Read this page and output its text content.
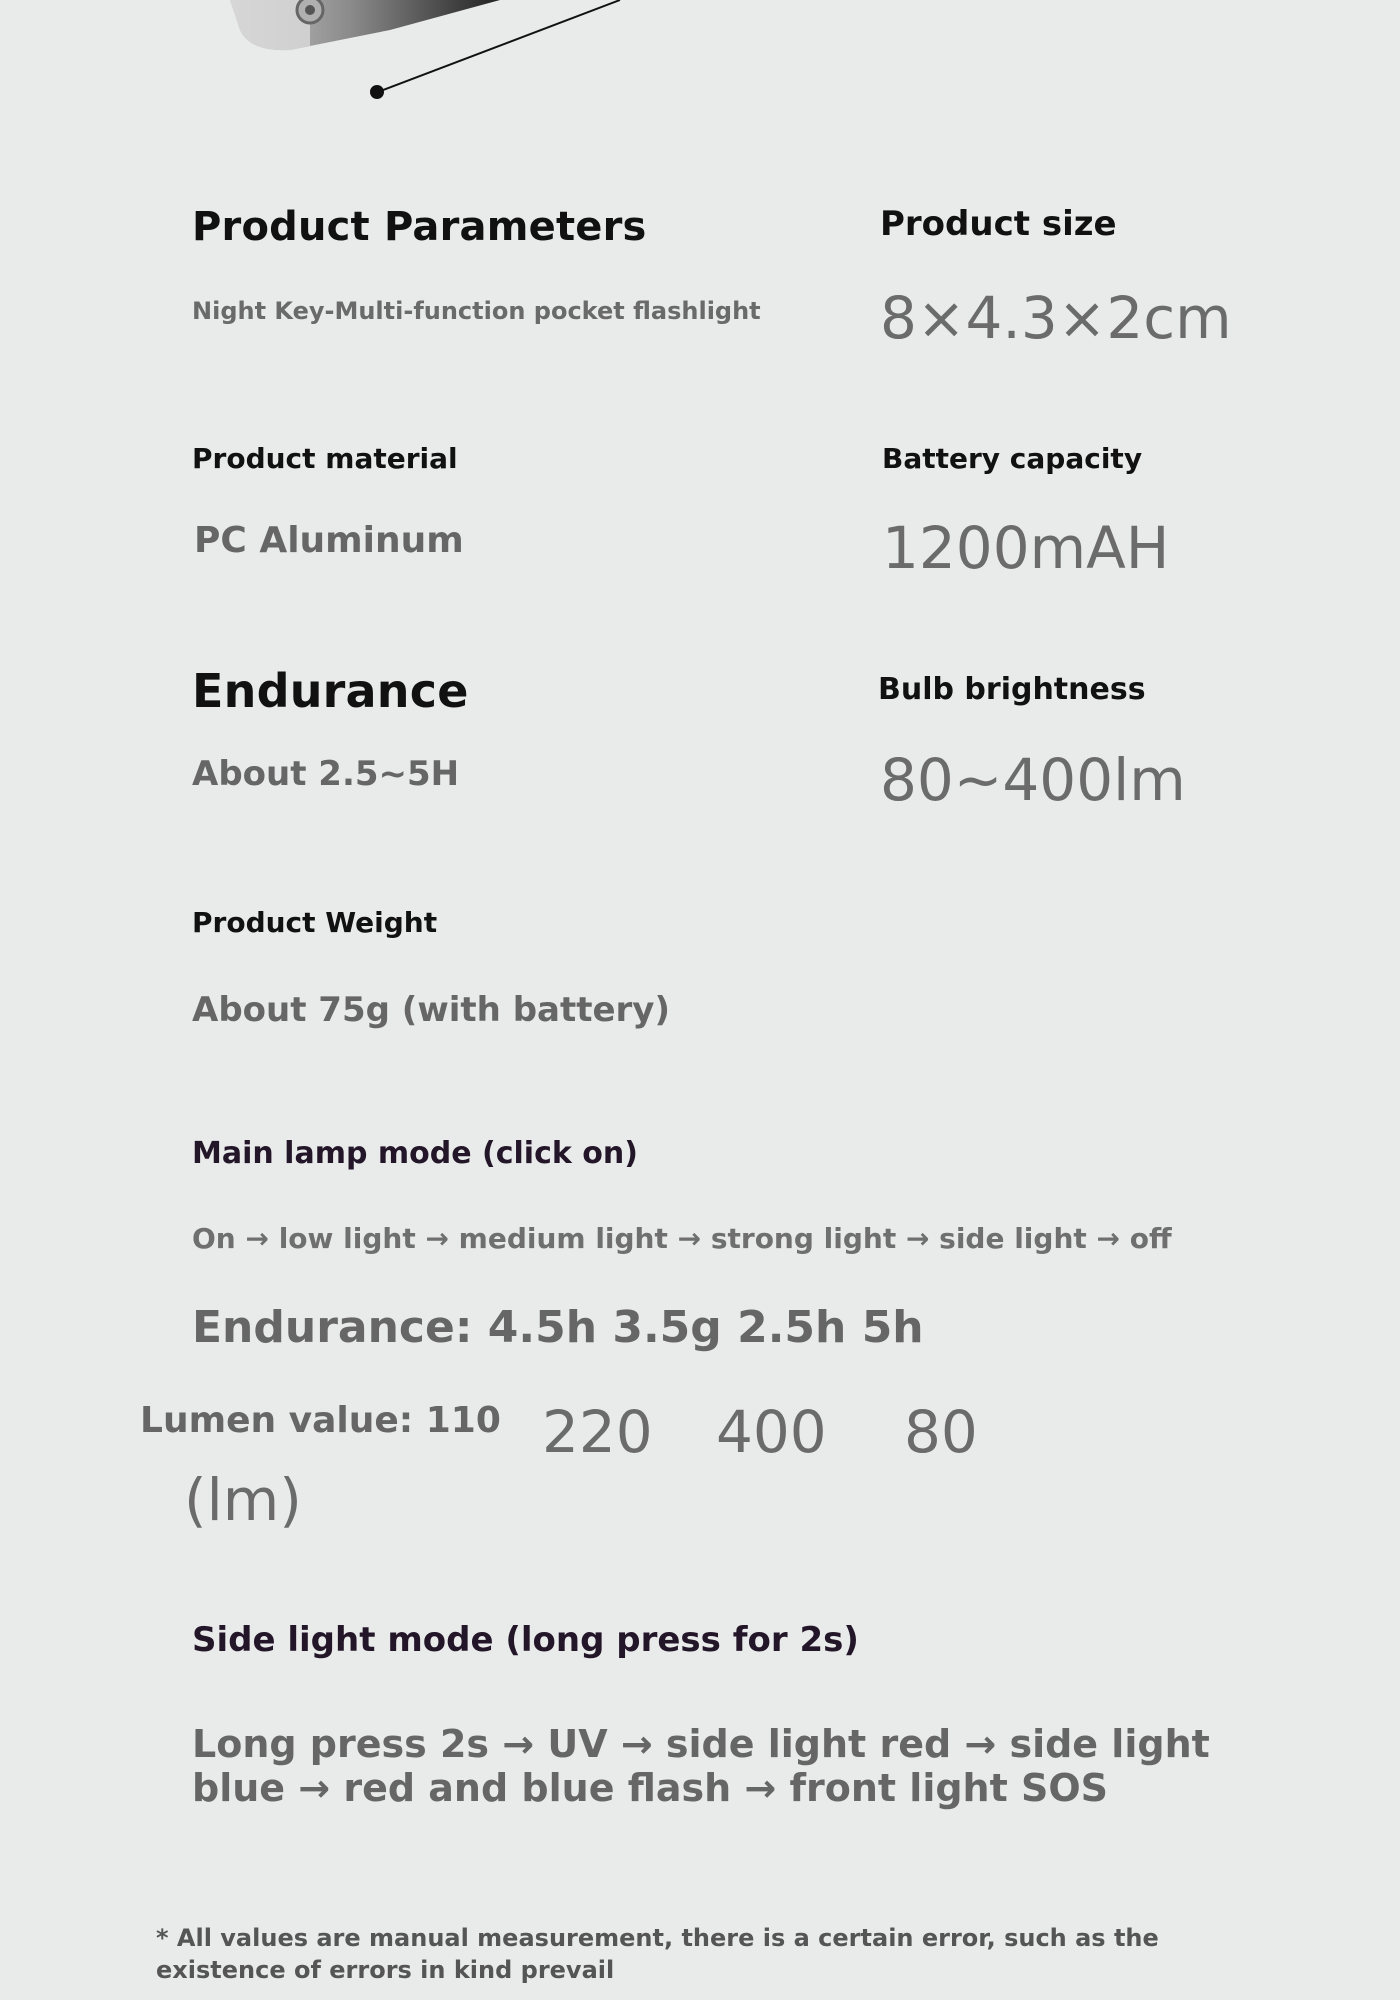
Product Parameters
Night Key-Multi-function pocket flashlight
Product size
8×4.3×2cm
Product material
PC Aluminum
Battery capacity
1200mAH
Endurance
About 2.5~5H
Bulb brightness
80~400lm
Product Weight
About 75g (with battery)
Main lamp mode (click on)
On → low light → medium light → strong light → side light → off
Endurance: 4.5h 3.5g 2.5h 5h
Lumen value: 110 220 400 80
(lm)
Side light mode (long press for 2s)
Long press 2s → UV → side light red → side light
blue → red and blue flash → front light SOS
* All values are manual measurement, there is a certain error, such as the existence of errors in kind prevail
